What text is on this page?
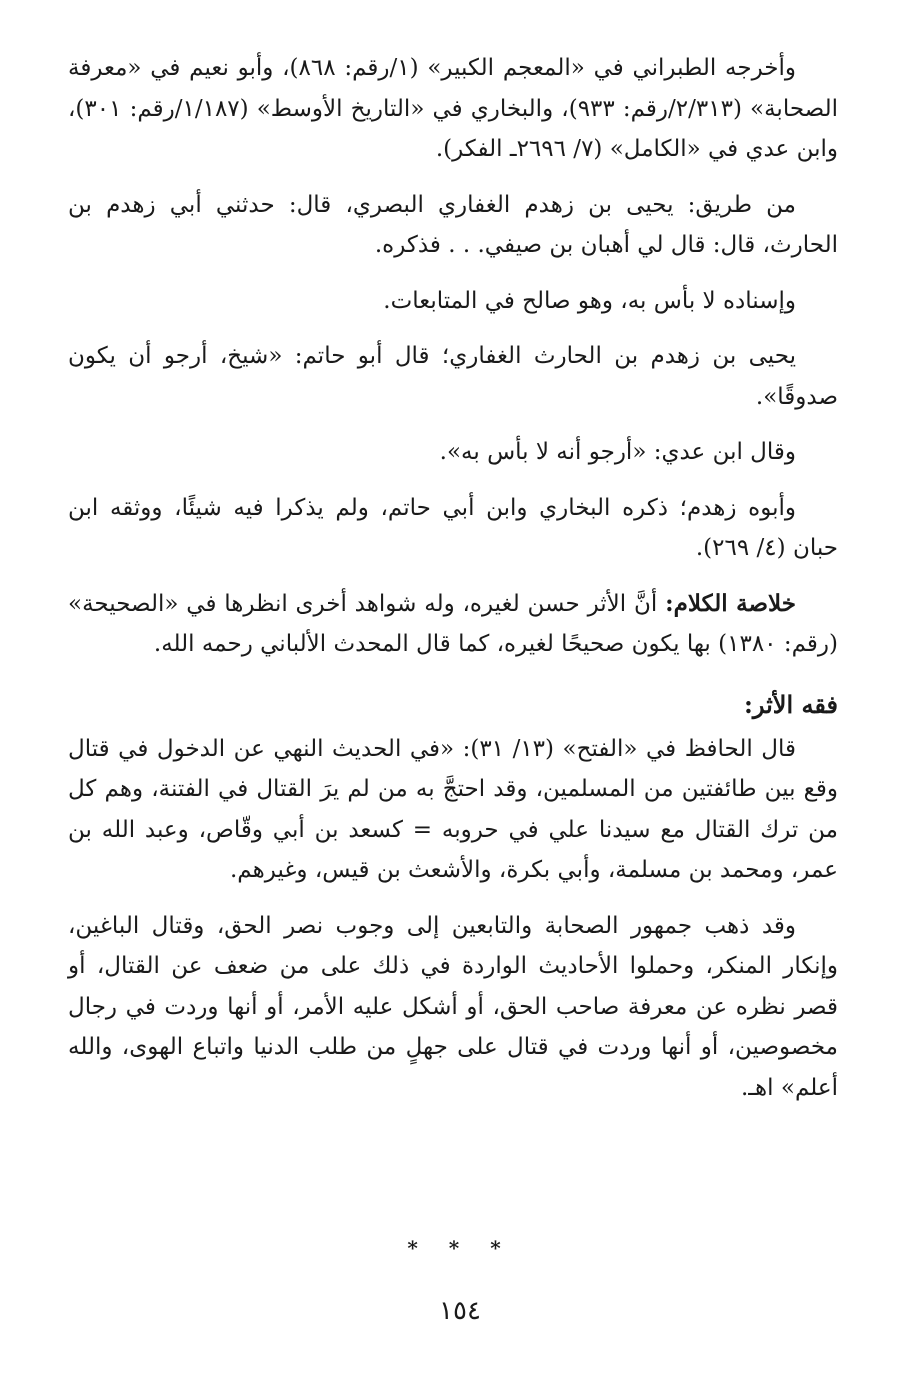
وأخرجه الطبراني في «المعجم الكبير» (١/رقم: ٨٦٨)، وأبو نعيم في «معرفة الصحابة» (٢/٣١٣/رقم: ٩٣٣)، والبخاري في «التاريخ الأوسط» (١/١٨٧/رقم: ٣٠١)، وابن عدي في «الكامل» (٧/ ٢٦٩٦ـ الفكر).

من طريق: يحيى بن زهدم الغفاري البصري، قال: حدثني أبي زهدم بن الحارث، قال: قال لي أهبان بن صيفي. . . فذكره.

وإسناده لا بأس به، وهو صالح في المتابعات.

يحيى بن زهدم بن الحارث الغفاري؛ قال أبو حاتم: «شيخ، أرجو أن يكون صدوقًا».

وقال ابن عدي: «أرجو أنه لا بأس به».

وأبوه زهدم؛ ذكره البخاري وابن أبي حاتم، ولم يذكرا فيه شيئًا، ووثقه ابن حبان (٤/ ٢٦٩).

خلاصة الكلام: أنَّ الأثر حسن لغيره، وله شواهد أخرى انظرها في «الصحيحة» (رقم: ١٣٨٠) بها يكون صحيحًا لغيره، كما قال المحدث الألباني رحمه الله.

فقه الأثر:

قال الحافظ في «الفتح» (١٣/ ٣١): «في الحديث النهي عن الدخول في قتال وقع بين طائفتين من المسلمين، وقد احتجَّ به من لم يرَ القتال في الفتنة، وهم كل من ترك القتال مع سيدنا علي في حروبه = كسعد بن أبي وقّاص، وعبد الله بن عمر، ومحمد بن مسلمة، وأبي بكرة، والأشعث بن قيس، وغيرهم.

وقد ذهب جمهور الصحابة والتابعين إلى وجوب نصر الحق، وقتال الباغين، وإنكار المنكر، وحملوا الأحاديث الواردة في ذلك على من ضعف عن القتال، أو قصر نظره عن معرفة صاحب الحق، أو أشكل عليه الأمر، أو أنها وردت في رجال مخصوصين، أو أنها وردت في قتال على جهلٍ من طلب الدنيا واتباع الهوى، والله أعلم» اهـ.

* * *
١٥٤
